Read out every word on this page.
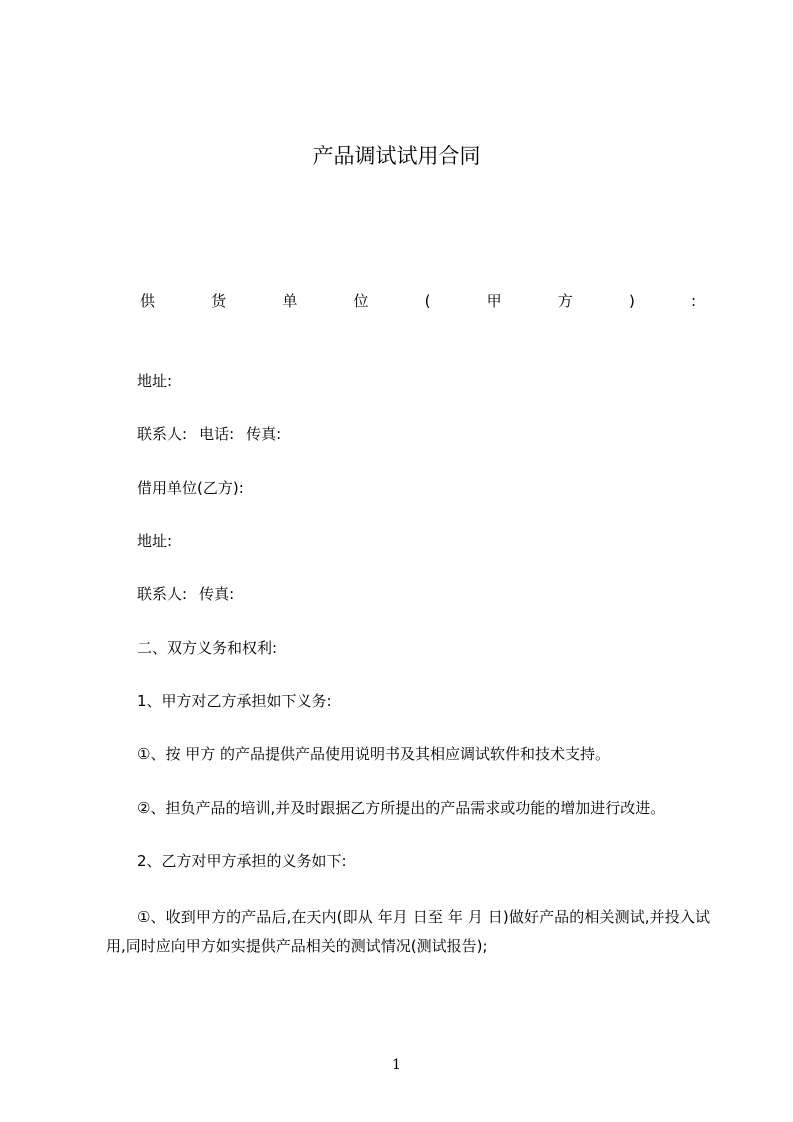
产品调试试用合同
供	货	单	位	(	甲	方	)	:
地址:
联系人: 电话: 传真:
借用单位(乙方):
地址:
联系人: 传真:
二、双方义务和权利:
1、甲方对乙方承担如下义务:
①、按 甲方 的产品提供产品使用说明书及其相应调试软件和技术支持。
②、担负产品的培训,并及时跟据乙方所提出的产品需求或功能的增加进行改进。
2、乙方对甲方承担的义务如下:
①、收到甲方的产品后,在天内(即从 年月 日至 年 月 日)做好产品的相关测试,并投入试用,同时应向甲方如实提供产品相关的测试情况(测试报告);
1
